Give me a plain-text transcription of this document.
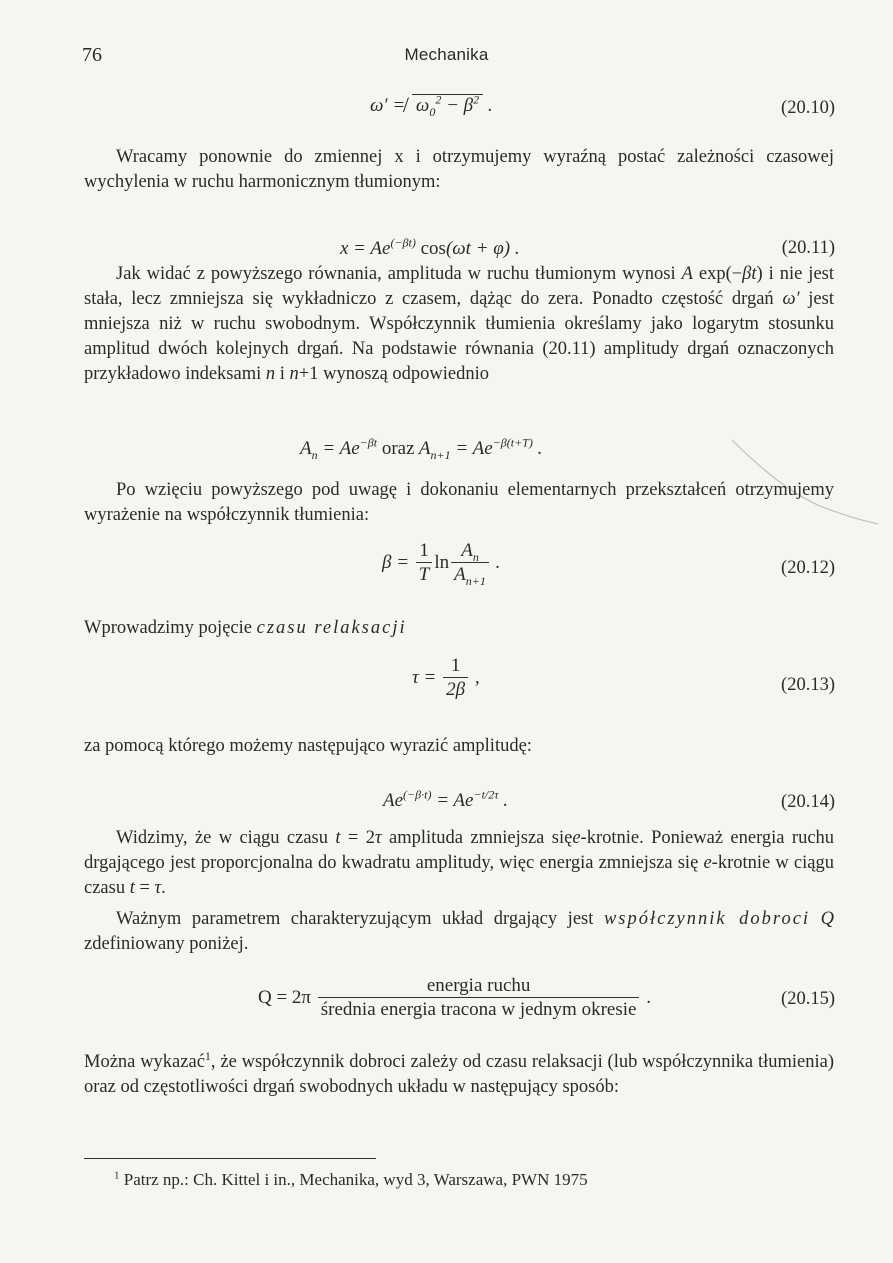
76	Mechanika
ω′ = / $\omega_0^2 - \beta^2$ .	(20.10)
Wracamy ponownie do zmiennej x i otrzymujemy wyraźną postać zależności czasowej wychylenia w ruchu harmonicznym tłumionym:
$x = Ae^{(-\beta t)}$ cos(ωt + φ) .	(20.11)
Jak widać z powyższego równania, amplituda w ruchu tłumionym wynosi A exp(−βt) i nie jest stała, lecz zmniejsza się wykładniczo z czasem, dążąc do zera. Ponadto częstość drgań ω′ jest mniejsza niż w ruchu swobodnym. Współczynnik tłumienia określamy jako logarytm stosunku amplitud dwóch kolejnych drgań. Na podstawie równania (20.11) amplitudy drgań oznaczonych przykładowo indeksami n i n+1 wynoszą odpowiednio
$A_n = Ae^{-\beta t}$ oraz $A_{n+1} = Ae^{-\beta(t+T)}$ .
Po wzięciu powyższego pod uwagę i dokonaniu elementarnych przekształceń otrzymujemy wyrażenie na współczynnik tłumienia:
$\beta = \frac{1}{T}$ $\ln \frac{A_n}{A_{n+1}}$ .	(20.12)
Wprowadzimy pojęcie czasu relaksacji
$\tau = \frac{1}{2\beta}$ ,	(20.13)
za pomocą którego możemy następująco wyrazić amplitudę:
$Ae^{(-\beta\cdot t)} = Ae^{-t/2\tau}$ .	(20.14)
Widzimy, że w ciągu czasu t = 2τ amplituda zmniejsza sięe-krotnie. Ponieważ energia ruchu drgającego jest proporcjonalna do kwadratu amplitudy, więc energia zmniejsza się e-krotnie w ciągu czasu t = τ.
Ważnym parametrem charakteryzującym układ drgający jest współczynnik dobroci Q zdefiniowany poniżej.
$Q = 2\pi \frac{\text{energia ruchu}}{\text{średnia energia tracona w jednym okresie}}$ .	(20.15)
Można wykazać$^1$, że współczynnik dobroci zależy od czasu relaksacji (lub współczynnika tłumienia) oraz od częstotliwości drgań swobodnych układu w następujący sposób:
$^1$ Patrz np.: Ch. Kittel i in., Mechanika, wyd 3, Warszawa, PWN 1975
